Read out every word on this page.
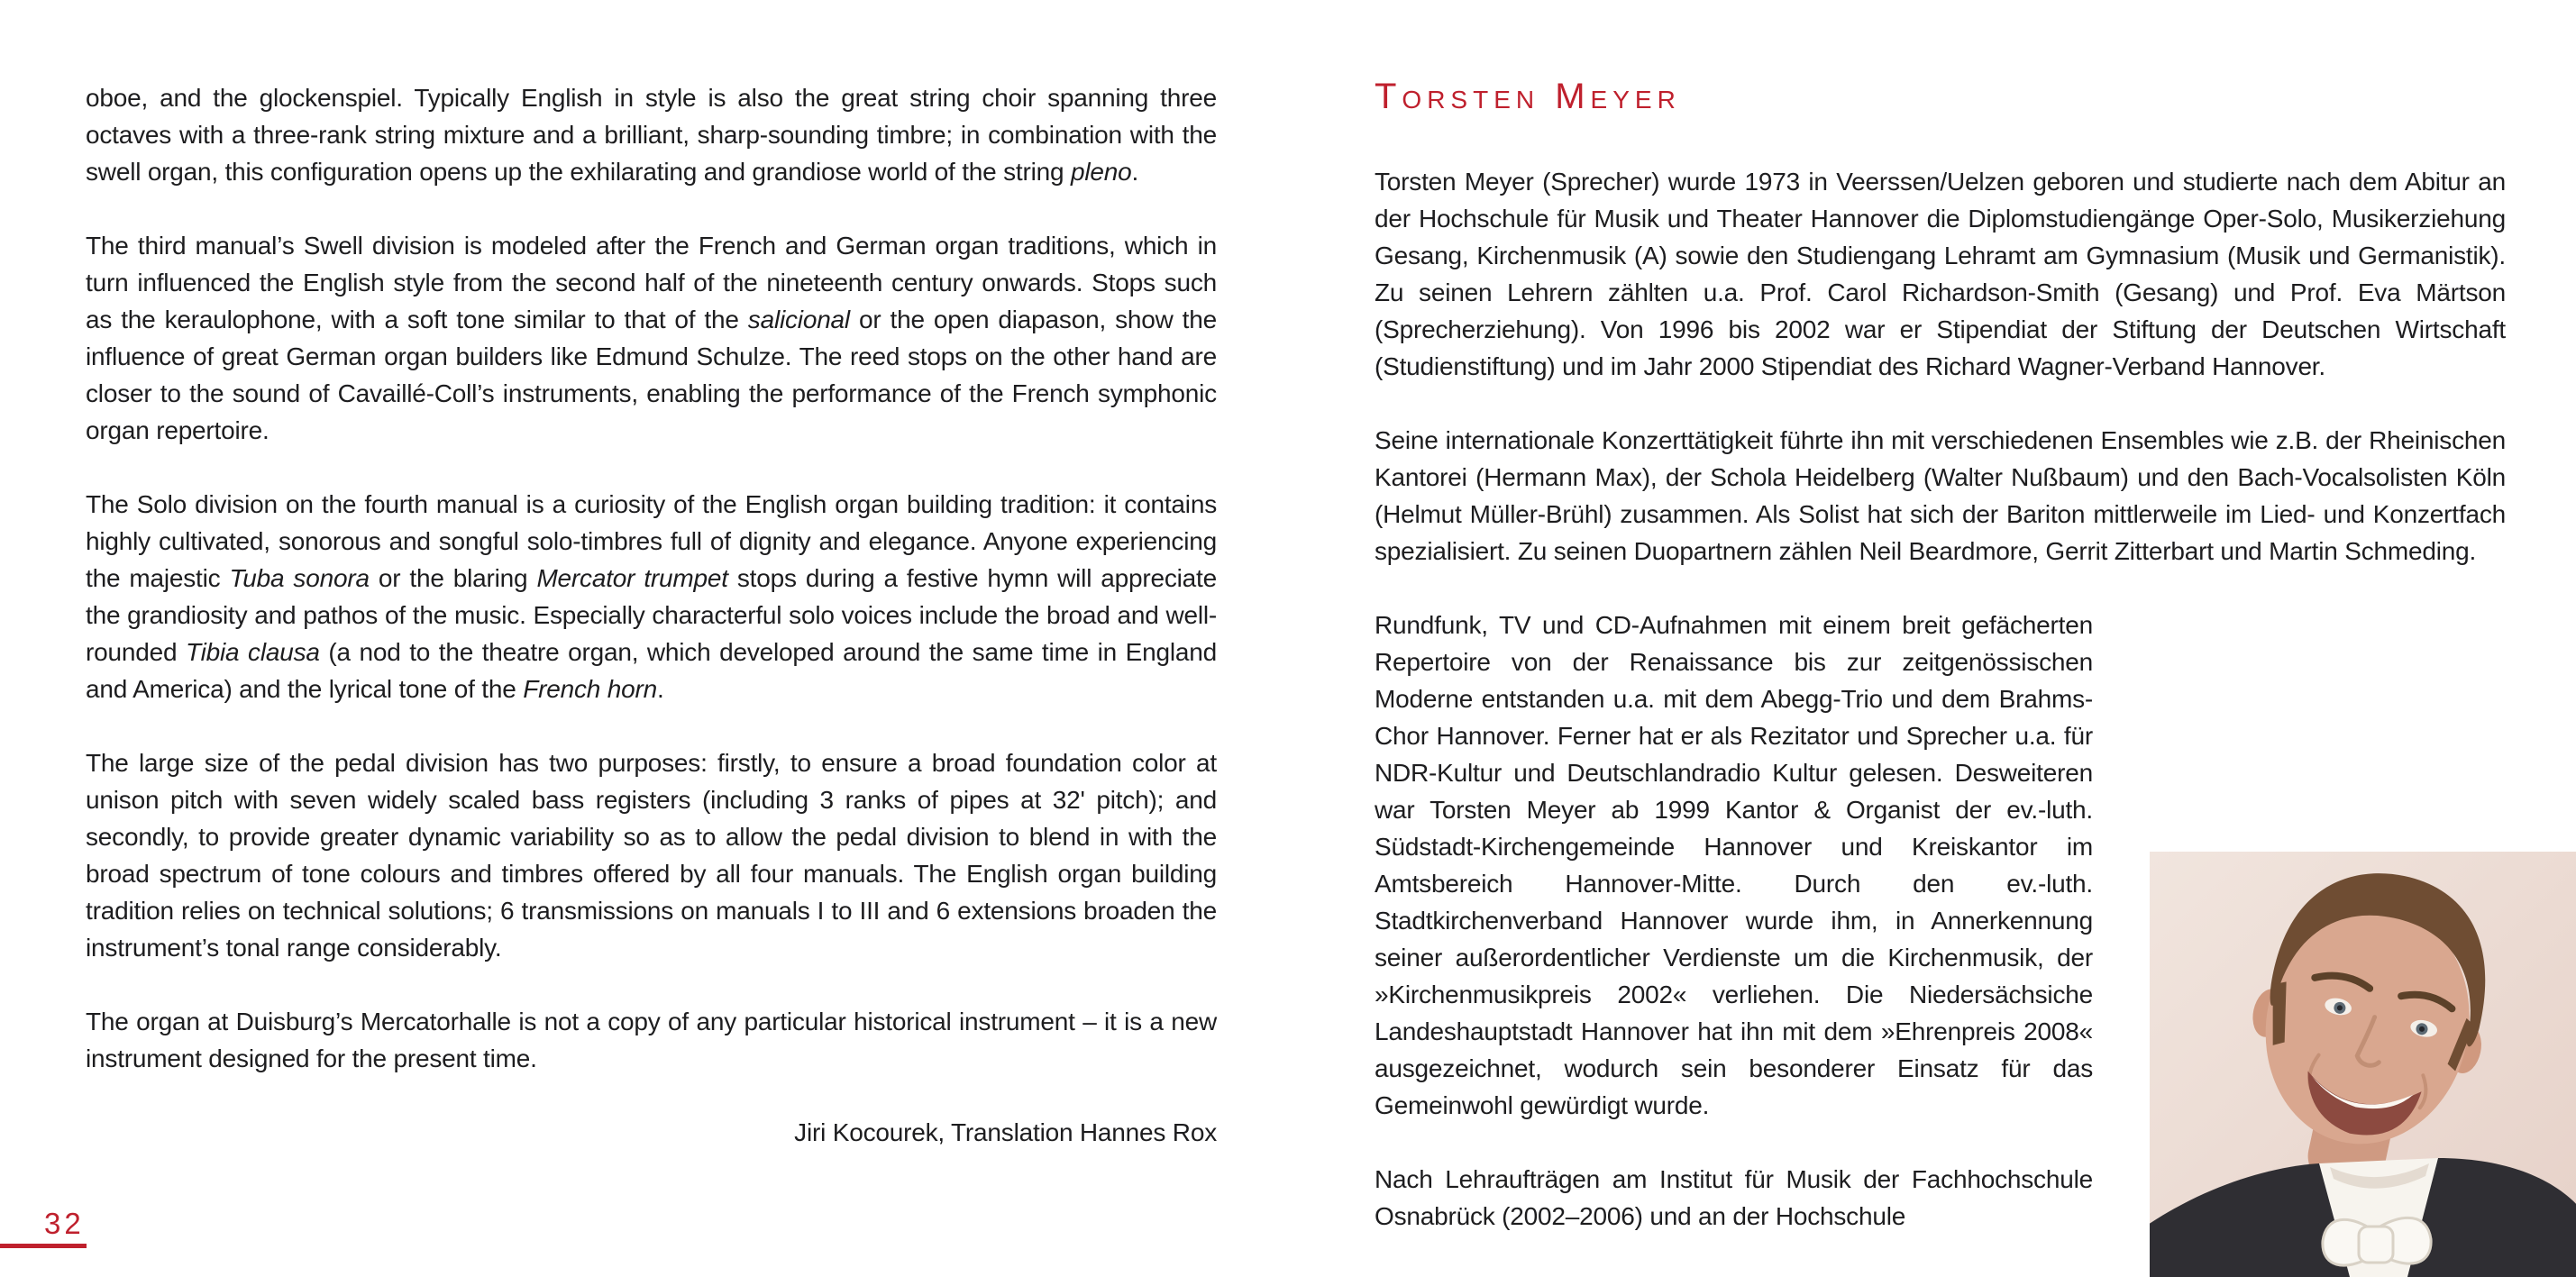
oboe, and the glockenspiel. Typically English in style is also the great string choir spanning three octaves with a three-rank string mixture and a brilliant, sharp-sounding timbre; in combination with the swell organ, this configuration opens up the exhilarating and grandiose world of the string pleno.

The third manual’s Swell division is modeled after the French and German organ traditions, which in turn influenced the English style from the second half of the nineteenth century onwards. Stops such as the keraulophone, with a soft tone similar to that of the salicional or the open diapason, show the influence of great German organ builders like Edmund Schulze. The reed stops on the other hand are closer to the sound of Cavaillé-Coll’s instruments, enabling the performance of the French symphonic organ repertoire.

The Solo division on the fourth manual is a curiosity of the English organ building tradition: it contains highly cultivated, sonorous and songful solo-timbres full of dignity and elegance. Anyone experiencing the majestic Tuba sonora or the blaring Mercator trumpet stops during a festive hymn will appreciate the grandiosity and pathos of the music. Especially characterful solo voices include the broad and well-rounded Tibia clausa (a nod to the theatre organ, which developed around the same time in England and America) and the lyrical tone of the French horn.

The large size of the pedal division has two purposes: firstly, to ensure a broad foundation color at unison pitch with seven widely scaled bass registers (including 3 ranks of pipes at 32' pitch); and secondly, to provide greater dynamic variability so as to allow the pedal division to blend in with the broad spectrum of tone colours and timbres offered by all four manuals. The English organ building tradition relies on technical solutions; 6 transmissions on manuals I to III and 6 extensions broaden the instrument’s tonal range considerably.

The organ at Duisburg’s Mercatorhalle is not a copy of any particular historical instrument – it is a new instrument designed for the present time.

Jiri Kocourek, Translation Hannes Rox

32
Torsten Meyer

Torsten Meyer (Sprecher) wurde 1973 in Veerssen/Uelzen geboren und studierte nach dem Abitur an der Hochschule für Musik und Theater Hannover die Diplomstudiengänge Oper-Solo, Musikerziehung Gesang, Kirchenmusik (A) sowie den Studiengang Lehramt am Gymnasium (Musik und Germanistik). Zu seinen Lehrern zählten u.a. Prof. Carol Richardson-Smith (Gesang) und Prof. Eva Märtson (Sprecherziehung). Von 1996 bis 2002 war er Stipendiat der Stiftung der Deutschen Wirtschaft (Studienstiftung) und im Jahr 2000 Stipendiat des Richard Wagner-Verband Hannover.

Seine internationale Konzerttätigkeit führte ihn mit verschiedenen Ensembles wie z.B. der Rheinischen Kantorei (Hermann Max), der Schola Heidelberg (Walter Nußbaum) und den Bach-Vocalsolisten Köln (Helmut Müller-Brühl) zusammen. Als Solist hat sich der Bariton mittlerweile im Lied- und Konzertfach spezialisiert. Zu seinen Duopartnern zählen Neil Beardmore, Gerrit Zitterbart und Martin Schmeding.

Rundfunk, TV und CD-Aufnahmen mit einem breit gefächerten Repertoire von der Renaissance bis zur zeitgenössischen Moderne entstanden u.a. mit dem Abegg-Trio und dem Brahms-Chor Hannover. Ferner hat er als Rezitator und Sprecher u.a. für NDR-Kultur und Deutschlandradio Kultur gelesen. Desweiteren war Torsten Meyer ab 1999 Kantor & Organist der ev.-luth. Südstadt-Kirchengemeinde Hannover und Kreiskantor im Amtsbereich Hannover-Mitte. Durch den ev.-luth. Stadtkirchenverband Hannover wurde ihm, in Annerkennung seiner außerordentlicher Verdienste um die Kirchenmusik, der »Kirchenmusikpreis 2002« verliehen. Die Niedersächsiche Landeshauptstadt Hannover hat ihn mit dem »Ehrenpreis 2008« ausgezeichnet, wodurch sein besonderer Einsatz für das Gemeinwohl gewürdigt wurde.

Nach Lehraufträgen am Institut für Musik der Fachhochschule Osnabrück (2002–2006) und an der Hochschule
